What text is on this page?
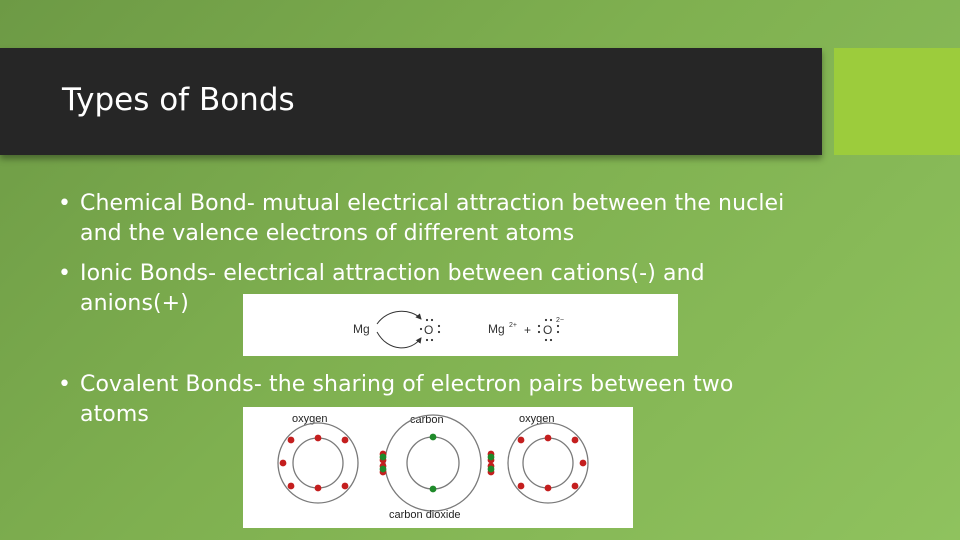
Types of Bonds
• Chemical Bond- mutual electrical attraction between the nuclei and the valence electrons of different atoms
• Ionic Bonds- electrical attraction between cations(-) and anions(+)
• Covalent Bonds- the sharing of electron pairs between two atoms
Mg	O	Mg 2+ + O
2−
oxygen	carbon	oxygen
carbon dioxide
